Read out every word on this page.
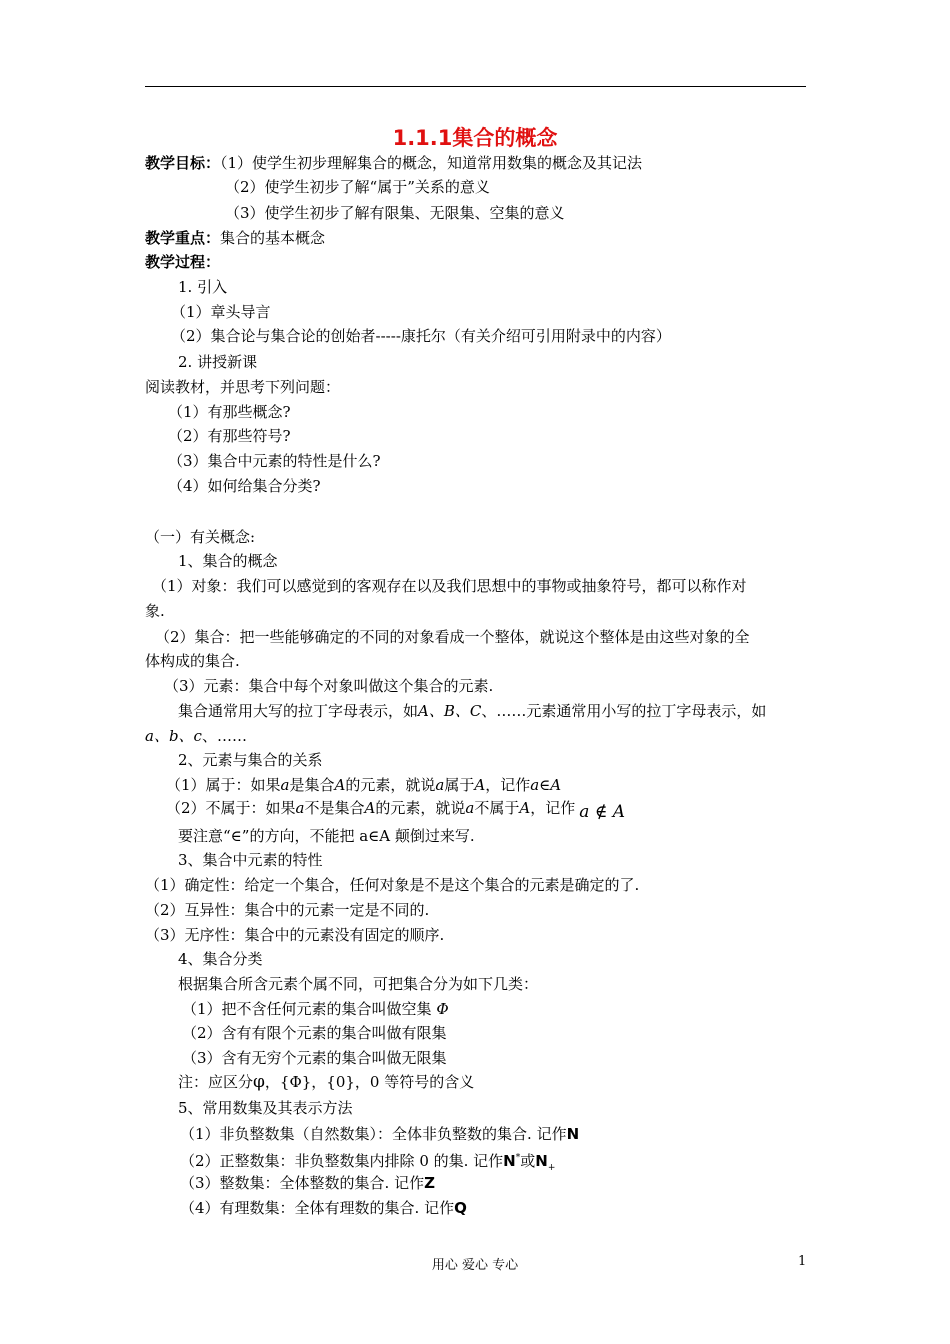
1.1.1集合的概念
教学目标：（1）使学生初步理解集合的概念，知道常用数集的概念及其记法
（2）使学生初步了解“属于”关系的意义
（3）使学生初步了解有限集、无限集、空集的意义
教学重点：集合的基本概念
教学过程：
1. 引入
（1）章头导言
（2）集合论与集合论的创始者-----康托尔（有关介绍可引用附录中的内容）
2. 讲授新课
阅读教材，并思考下列问题：
（1）有那些概念?
（2）有那些符号?
（3）集合中元素的特性是什么?
（4）如何给集合分类?
（一）有关概念:
1、集合的概念
（1）对象：我们可以感觉到的客观存在以及我们思想中的事物或抽象符号，都可以称作对
象.
（2）集合：把一些能够确定的不同的对象看成一个整体，就说这个整体是由这些对象的全
体构成的集合.
（3）元素：集合中每个对象叫做这个集合的元素.
集合通常用大写的拉丁字母表示，如A、B、C、……元素通常用小写的拉丁字母表示，如
a、b、c、……
2、元素与集合的关系
（1）属于：如果a是集合A的元素，就说a属于A，记作a∈A
（2）不属于：如果a不是集合A的元素，就说a不属于A，记作 a ∉ A
要注意“∈”的方向，不能把 a∈A 颠倒过来写.
3、集合中元素的特性
（1）确定性：给定一个集合，任何对象是不是这个集合的元素是确定的了.
（2）互异性：集合中的元素一定是不同的.
（3）无序性：集合中的元素没有固定的顺序.
4、集合分类
根据集合所含元素个属不同，可把集合分为如下几类：
（1）把不含任何元素的集合叫做空集 Φ
（2）含有有限个元素的集合叫做有限集
（3）含有无穷个元素的集合叫做无限集
注：应区分φ，{Φ}，{0}，0 等符号的含义
5、常用数集及其表示方法
（1）非负整数集（自然数集）：全体非负整数的集合. 记作N
（2）正整数集：非负整数集内排除 0 的集. 记作N*或$N_+$
（3）整数集：全体整数的集合. 记作Z
（4）有理数集：全体有理数的集合. 记作Q
用心 爱心 专心	1
